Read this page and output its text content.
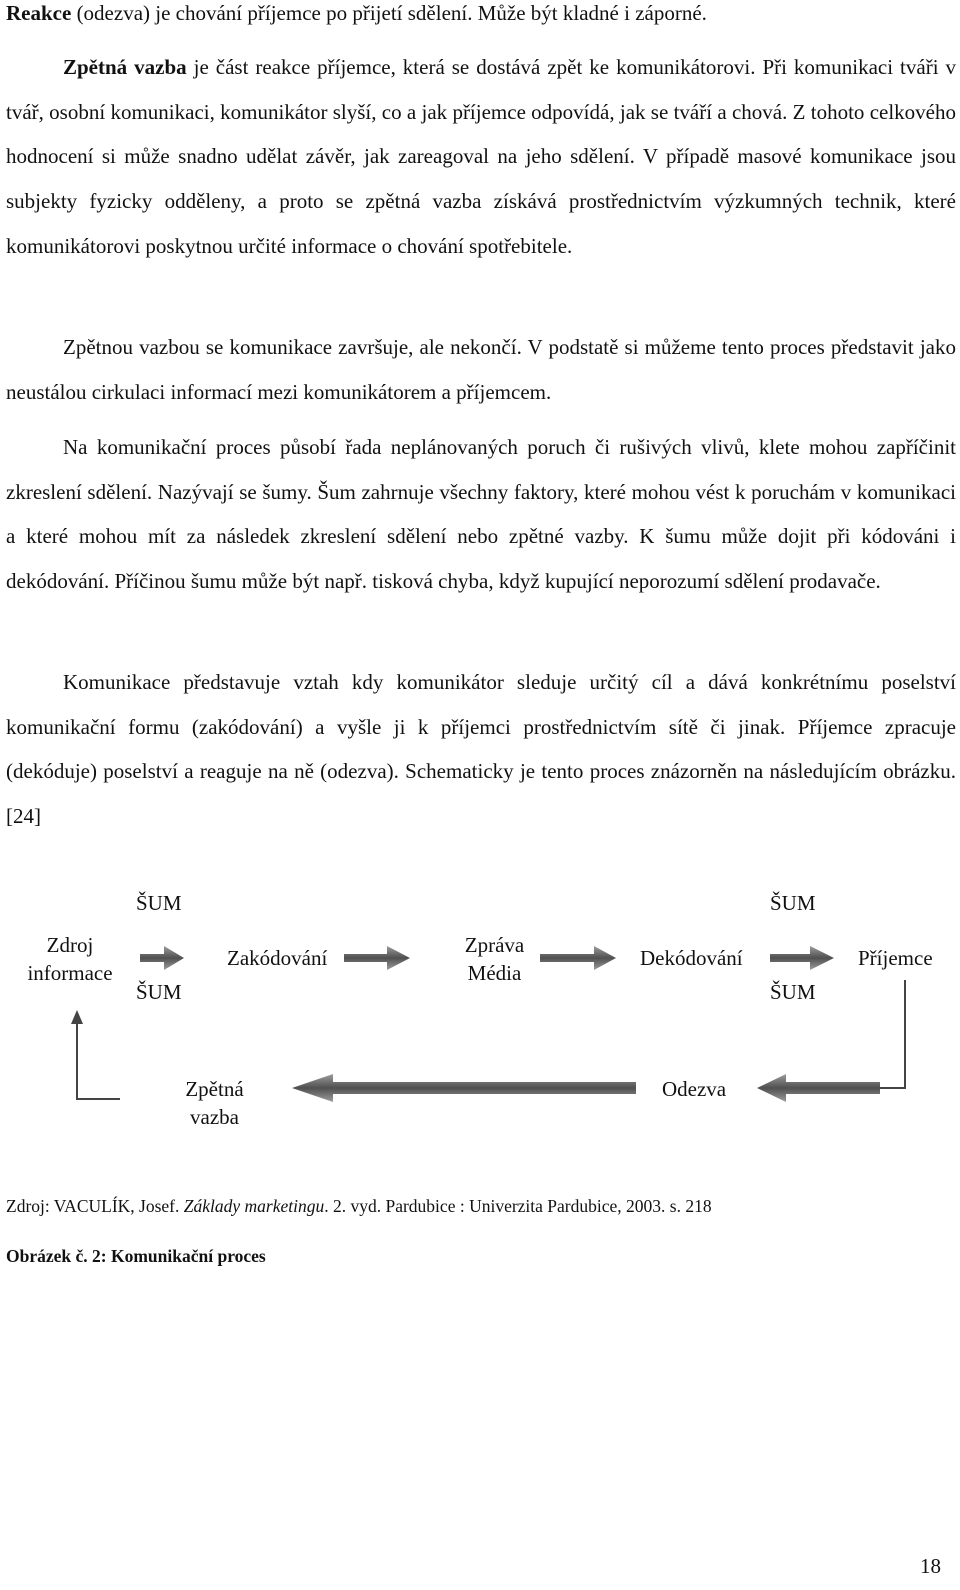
Reakce (odezva) je chování příjemce po přijetí sdělení. Může být kladné i záporné.

Zpětná vazba je část reakce příjemce, která se dostává zpět ke komunikátorovi. Při komunikaci tváři v tvář, osobní komunikaci, komunikátor slyší, co a jak příjemce odpovídá, jak se tváří a chová. Z tohoto celkového hodnocení si může snadno udělat závěr, jak zareagoval na jeho sdělení. V případě masové komunikace jsou subjekty fyzicky odděleny, a proto se zpětná vazba získává prostřednictvím výzkumných technik, které komunikátorovi poskytnou určité informace o chování spotřebitele.

Zpětnou vazbou se komunikace završuje, ale nekončí. V podstatě si můžeme tento proces představit jako neustálou cirkulaci informací mezi komunikátorem a příjemcem.

Na komunikační proces působí řada neplánovaných poruch či rušivých vlivů, klete mohou zapříčinit zkreslení sdělení. Nazývají se šumy. Šum zahrnuje všechny faktory, které mohou vést k poruchám v komunikaci a které mohou mít za následek zkreslení sdělení nebo zpětné vazby. K šumu může dojit při kódováni i dekódování. Příčinou šumu může být např. tisková chyba, když kupující neporozumí sdělení prodavače.

Komunikace představuje vztah kdy komunikátor sleduje určitý cíl a dává konkrétnímu poselství komunikační formu (zakódování) a vyšle ji k příjemci prostřednictvím sítě či jinak. Příjemce zpracuje (dekóduje) poselství a reaguje na ně (odezva). Schematicky je tento proces znázorněn na následujícím obrázku. [24]

Zdroj
informace
ŠUM
ŠUM
Zakódování
Zpráva
Média
Dekódování
ŠUM
ŠUM
Příjemce
Zpětná
vazba
Odezva
Zdroj: VACULÍK, Josef. Základy marketingu. 2. vyd. Pardubice : Univerzita Pardubice, 2003. s. 218
Obrázek č. 2: Komunikační proces
18
